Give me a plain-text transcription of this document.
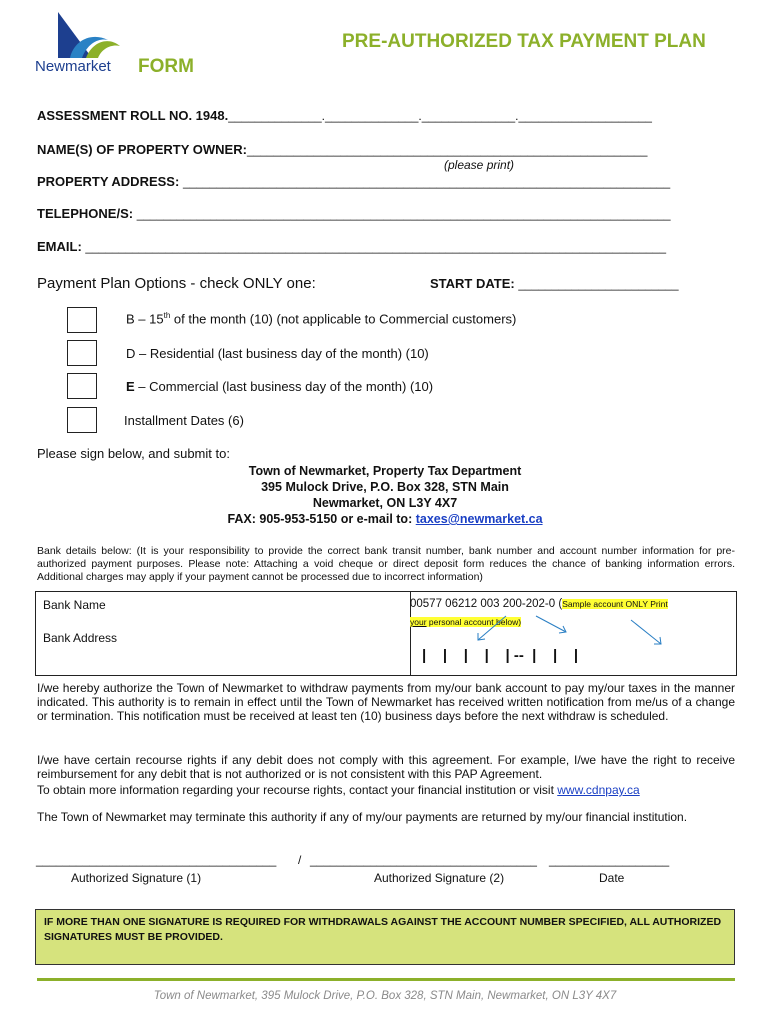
Newmarket
PRE-AUTHORIZED TAX PAYMENT PLAN
FORM
ASSESSMENT ROLL NO. 1948.______________.______________.______________.____________________
NAME(S) OF PROPERTY OWNER:____________________________________________________________
(please print)
PROPERTY ADDRESS: _________________________________________________________________________
TELEPHONE/S: ________________________________________________________________________________
EMAIL: _______________________________________________________________________________________
Payment Plan Options - check ONLY one:	START DATE: ________________________
B – 15th of the month (10) (not applicable to Commercial customers)
D – Residential (last business day of the month) (10)
E – Commercial (last business day of the month) (10)
Installment Dates (6)
Please sign below, and submit to:
Town of Newmarket, Property Tax Department
395 Mulock Drive, P.O. Box 328, STN Main
Newmarket, ON L3Y 4X7
FAX: 905-953-5150 or e-mail to: taxes@newmarket.ca
Bank details below: (It is your responsibility to provide the correct bank transit number, bank number and account number information for pre-authorized payment purposes. Please note: Attaching a void cheque or direct deposit form reduces the chance of banking information errors. Additional charges may apply if your payment cannot be processed due to incorrect information)
Bank Name
Bank Address
00577 06212 003 200-202-0 (Sample account ONLY Print
your personal account below)
|    |    |    |    | --  |    |    |
I/we hereby authorize the Town of Newmarket to withdraw payments from my/our bank account to pay my/our taxes in the manner indicated. This authority is to remain in effect until the Town of Newmarket has received written notification from me/us of a change or termination. This notification must be received at least ten (10) business days before the next withdraw is scheduled.
I/we have certain recourse rights if any debit does not comply with this agreement. For example, I/we have the right to receive reimbursement for any debit that is not authorized or is not consistent with this PAP Agreement.
To obtain more information regarding your recourse rights, contact your financial institution or visit www.cdnpay.ca
The Town of Newmarket may terminate this authority if any of my/our payments are returned by my/our financial institution.
____________________________________ / __________________________________ __________________
Authorized Signature (1)	Authorized Signature (2)	Date
IF MORE THAN ONE SIGNATURE IS REQUIRED FOR WITHDRAWALS AGAINST THE ACCOUNT NUMBER SPECIFIED, ALL AUTHORIZED SIGNATURES MUST BE PROVIDED.
Town of Newmarket, 395 Mulock Drive, P.O. Box 328, STN Main, Newmarket, ON L3Y 4X7
